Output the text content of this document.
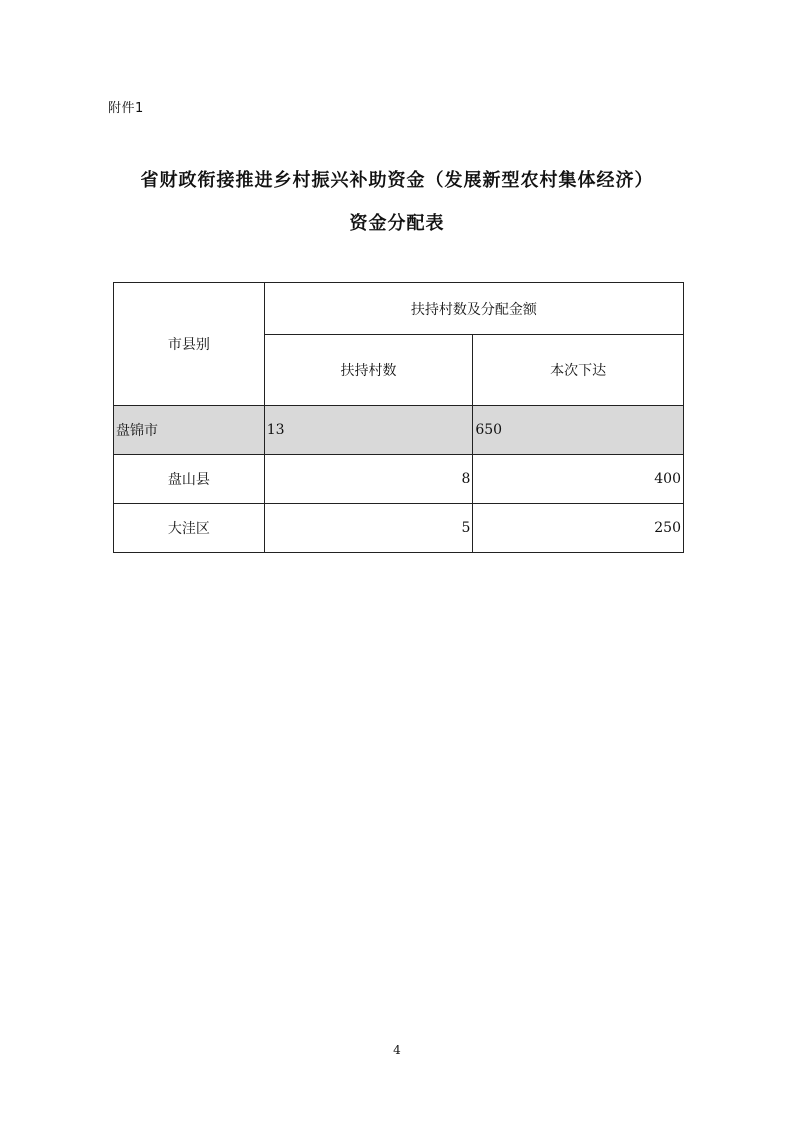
附件1
省财政衔接推进乡村振兴补助资金（发展新型农村集体经济）
资金分配表
市县别	扶持村数及分配金额	
	扶持村数	本次下达
盘锦市	13	650
盘山县	8	400
大洼区	5	250
4
